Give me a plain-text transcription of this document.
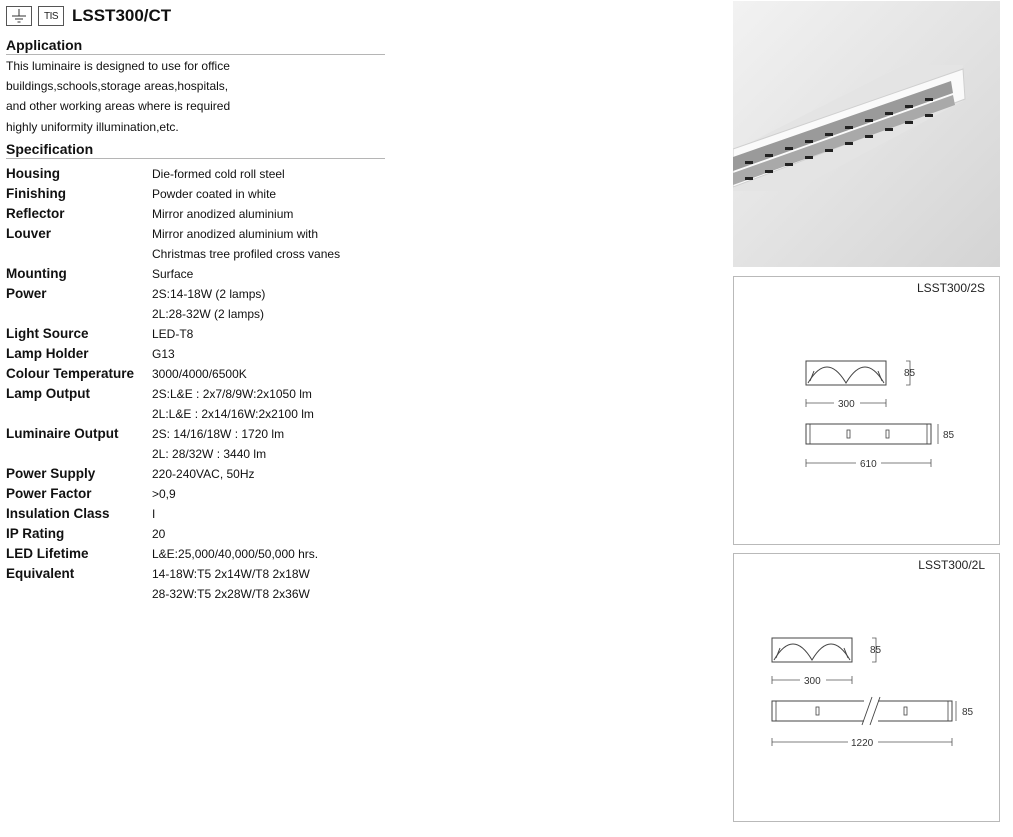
TIS LSST300/CT
Application
This luminaire is designed to use for office
buildings,schools,storage areas,hospitals,
and other working areas where is required
highly uniformity illumination,etc.
Specification
Housing	Die-formed cold roll steel
Finishing	Powder coated in white
Reflector	Mirror anodized aluminium
Louver	Mirror anodized aluminium with
Christmas tree profiled cross vanes
Mounting	Surface
Power	2S:14-18W (2 lamps)
2L:28-32W (2 lamps)
Light Source	LED-T8
Lamp Holder	G13
Colour Temperature	3000/4000/6500K
Lamp Output	2S:L&E : 2x7/8/9W:2x1050 lm
2L:L&E : 2x14/16W:2x2100 lm
Luminaire Output	2S: 14/16/18W : 1720 lm
2L: 28/32W : 3440 lm
Power Supply	220-240VAC, 50Hz
Power Factor	>0,9
Insulation Class	I
IP Rating	20
LED Lifetime	L&E:25,000/40,000/50,000 hrs.
Equivalent	14-18W:T5 2x14W/T8 2x18W
28-32W:T5 2x28W/T8 2x36W
LSST300/2S
85
300
85
610
LSST300/2L
85
300
85
1220
